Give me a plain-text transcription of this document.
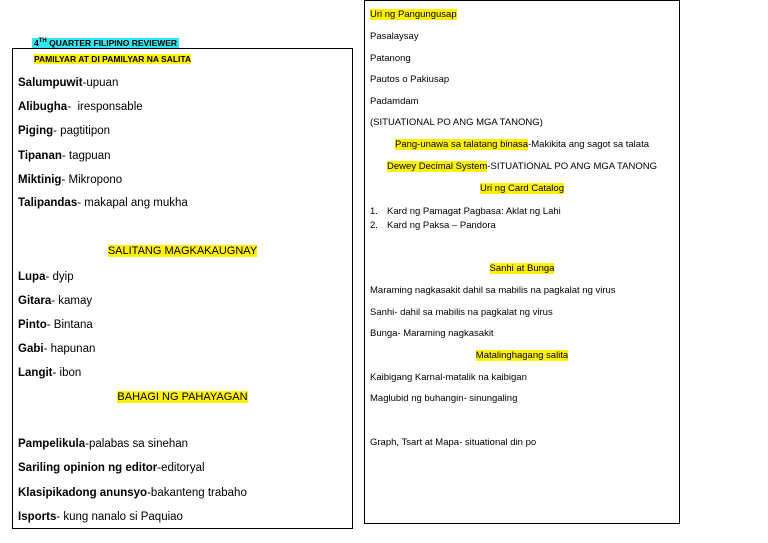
4TH QUARTER FILIPINO REVIEWER
PAMILYAR AT DI PAMILYAR NA SALITA
Salumpuwit-upuan
Alibugha-  iresponsable
Piging- pagtitipon
Tipanan- tagpuan
Miktinig- Mikropono
Talipandas- makapal ang mukha
SALITANG MAGKAKAUGNAY
Lupa- dyip
Gitara- kamay
Pinto- Bintana
Gabi- hapunan
Langit- ibon
BAHAGI NG PAHAYAGAN
Pampelikula-palabas sa sinehan
Sariling opinion ng editor-editoryal
Klasipikadong anunsyo-bakanteng trabaho
Isports- kung nanalo si Paquiao
Uri ng Pangungusap
Pasalaysay
Patanong
Pautos o Pakiusap
Padamdam
(SITUATIONAL PO ANG MGA TANONG)
Pang-unawa sa talatang binasa-Makikita ang sagot sa talata
Dewey Decimal System-SITUATIONAL PO ANG MGA TANONG
Uri ng Card Catalog
1. Kard ng Pamagat Pagbasa: Aklat ng Lahi
2. Kard ng Paksa – Pandora
Sanhi at Bunga
Maraming nagkasakit dahil sa mabilis na pagkalat ng virus
Sanhi- dahil sa mabilis na pagkalat ng virus
Bunga- Maraming nagkasakit
Matalinghagang salita
Kaibigang Karnal-matalik na kaibigan
Maglubid ng buhangin- sinungaling
Graph, Tsart at Mapa- situational din po
